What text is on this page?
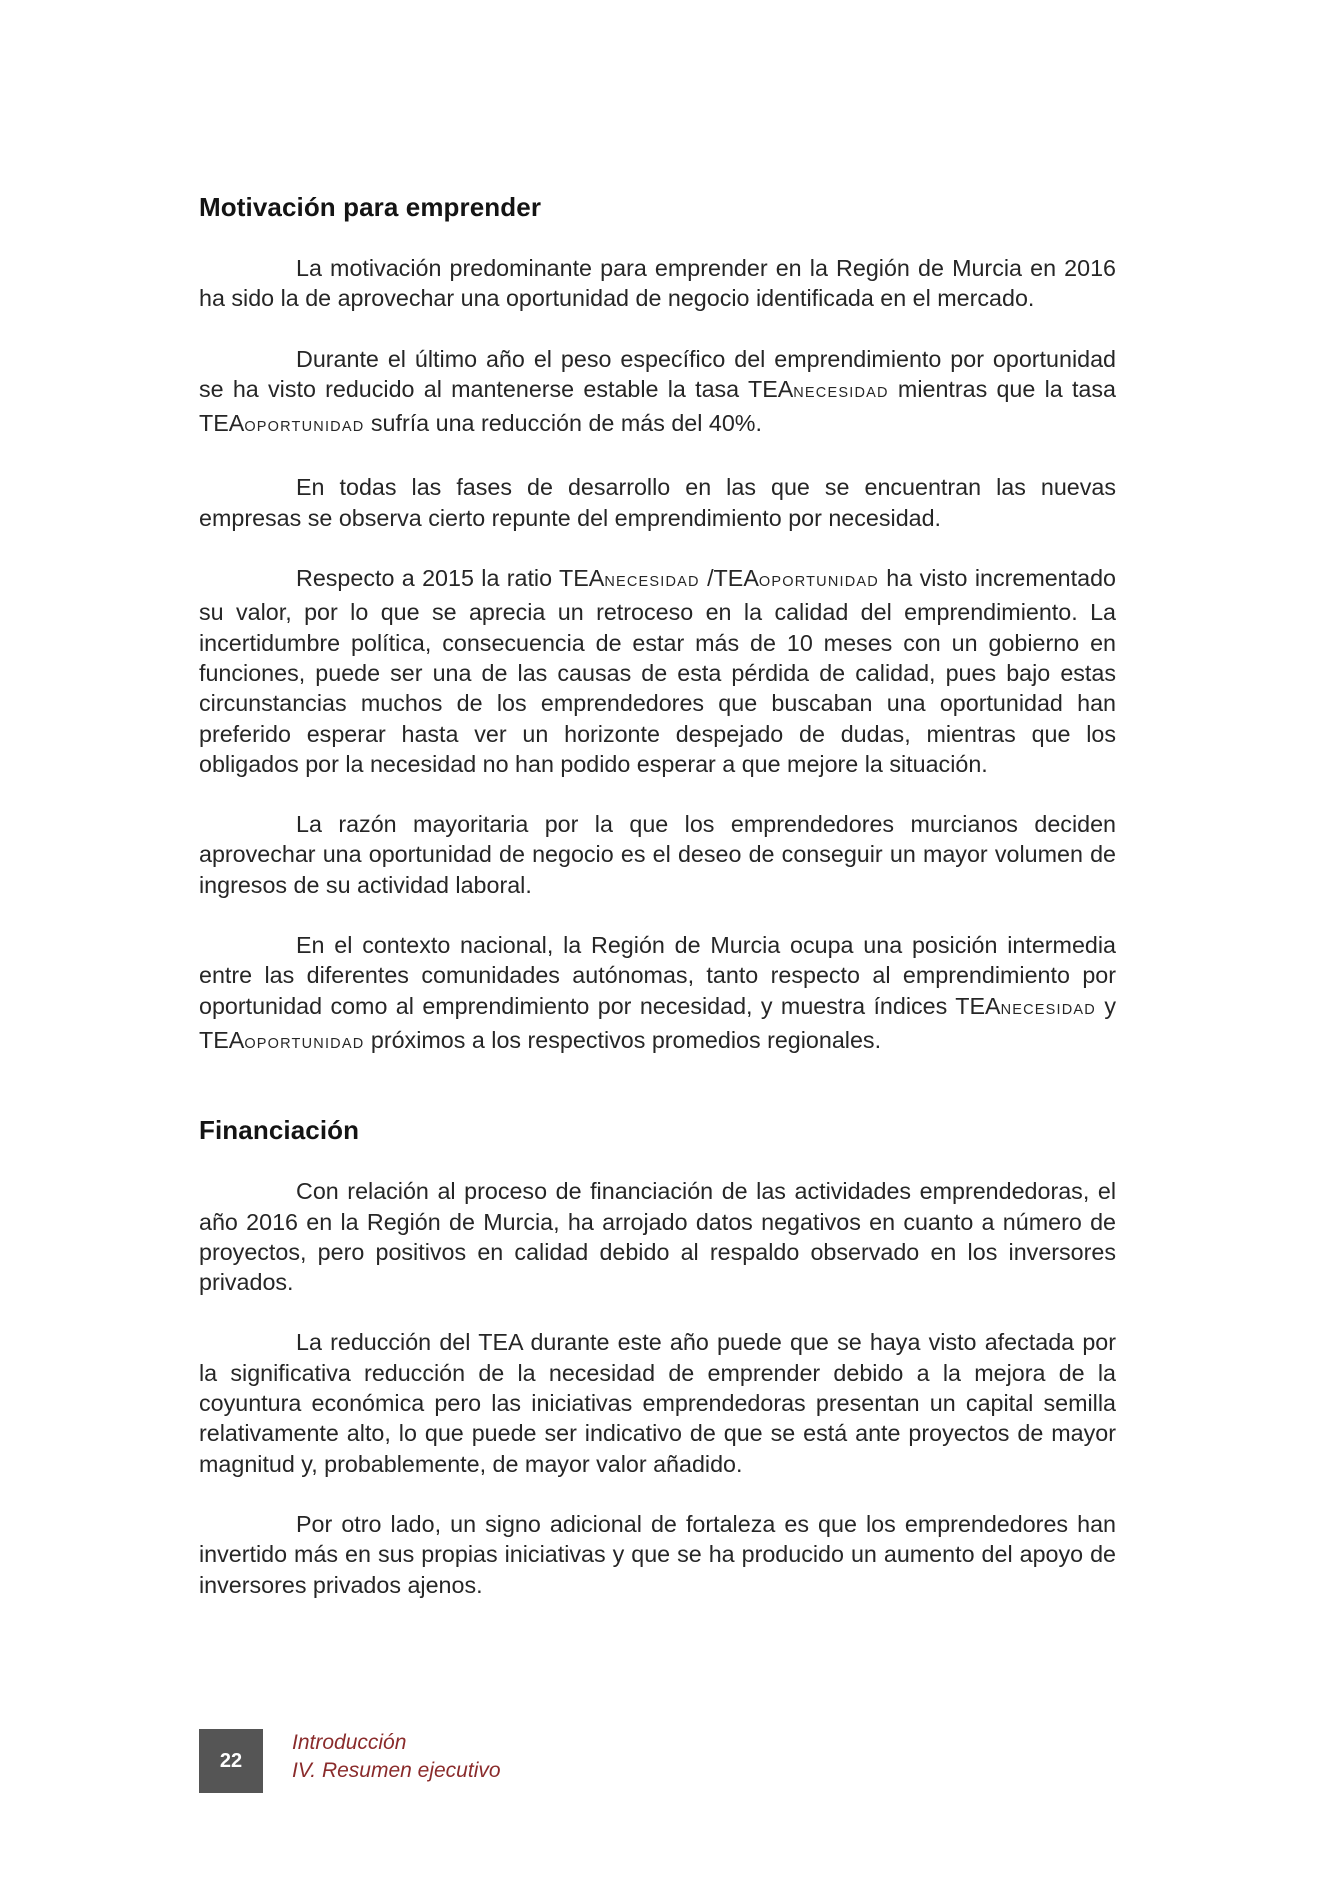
Motivación para emprender

La motivación predominante para emprender en la Región de Murcia en 2016 ha sido la de aprovechar una oportunidad de negocio identificada en el mercado.

Durante el último año el peso específico del emprendimiento por oportunidad se ha visto reducido al mantenerse estable la tasa TEANECESIDAD mientras que la tasa TEAOPORTUNIDAD sufría una reducción de más del 40%.

En todas las fases de desarrollo en las que se encuentran las nuevas empresas se observa cierto repunte del emprendimiento por necesidad.

Respecto a 2015 la ratio TEANECESIDAD /TEAOPORTUNIDAD ha visto incrementado su valor, por lo que se aprecia un retroceso en la calidad del emprendimiento. La incertidumbre política, consecuencia de estar más de 10 meses con un gobierno en funciones, puede ser una de las causas de esta pérdida de calidad, pues bajo estas circunstancias muchos de los emprendedores que buscaban una oportunidad han preferido esperar hasta ver un horizonte despejado de dudas, mientras que los obligados por la necesidad no han podido esperar a que mejore la situación.

La razón mayoritaria por la que los emprendedores murcianos deciden aprovechar una oportunidad de negocio es el deseo de conseguir un mayor volumen de ingresos de su actividad laboral.

En el contexto nacional, la Región de Murcia ocupa una posición intermedia entre las diferentes comunidades autónomas, tanto respecto al emprendimiento por oportunidad como al emprendimiento por necesidad, y muestra índices TEANECESIDAD y TEAOPORTUNIDAD próximos a los respectivos promedios regionales.

Financiación

Con relación al proceso de financiación de las actividades emprendedoras, el año 2016 en la Región de Murcia, ha arrojado datos negativos en cuanto a número de proyectos, pero positivos en calidad debido al respaldo observado en los inversores privados.

La reducción del TEA durante este año puede que se haya visto afectada por la significativa reducción de la necesidad de emprender debido a la mejora de la coyuntura económica pero las iniciativas emprendedoras presentan un capital semilla relativamente alto, lo que puede ser indicativo de que se está ante proyectos de mayor magnitud y, probablemente, de mayor valor añadido.

Por otro lado, un signo adicional de fortaleza es que los emprendedores han invertido más en sus propias iniciativas y que se ha producido un aumento del apoyo de inversores privados ajenos.

22
Introducción
IV. Resumen ejecutivo
